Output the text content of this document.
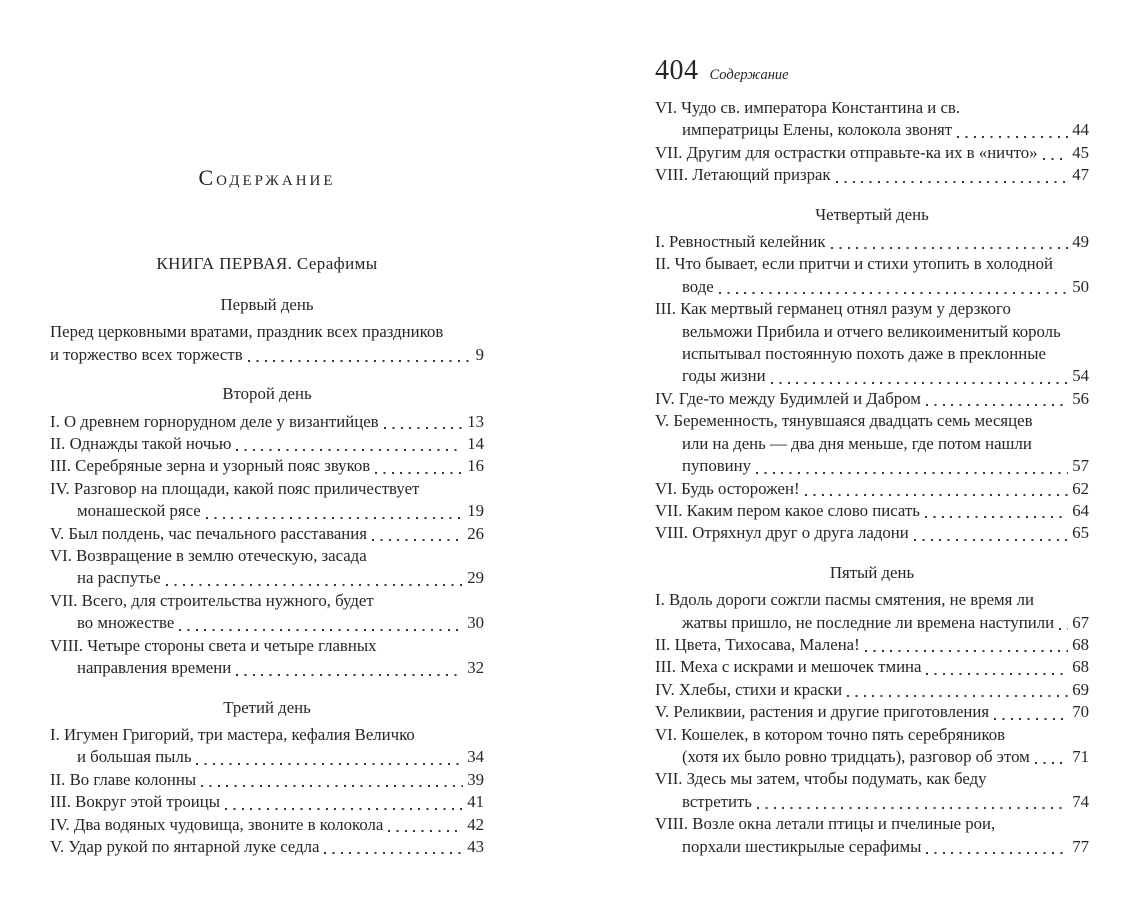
Содержание
КНИГА ПЕРВАЯ. Серафимы
Первый день
Перед церковными вратами, праздник всех праздников
и торжество всех торжеств	9
Второй день
I. О древнем горнорудном деле у византийцев	13
II. Однажды такой ночью	14
III. Серебряные зерна и узорный пояс звуков	16
IV. Разговор на площади, какой пояс приличествует
монашеской рясе	19
V. Был полдень, час печального расставания	26
VI. Возвращение в землю отеческую, засада
на распутье	29
VII. Всего, для строительства нужного, будет
во множестве	30
VIII. Четыре стороны света и четыре главных
направления времени	32
Третий день
I. Игумен Григорий, три мастера, кефалия Величко
и большая пыль	34
II. Во главе колонны	39
III. Вокруг этой троицы	41
IV. Два водяных чудовища, звоните в колокола	42
V. Удар рукой по янтарной луке седла	43
404 Содержание
VI. Чудо св. императора Константина и св.
императрицы Елены, колокола звонят	44
VII. Другим для острастки отправьте-ка их в «ничто» 45
VIII. Летающий призрак	47
Четвертый день
I. Ревностный келейник	49
II. Что бывает, если притчи и стихи утопить в холодной
воде	50
III. Как мертвый германец отнял разум у дерзкого
вельможи Прибила и отчего великоименитый король
испытывал постоянную похоть даже в преклонные
годы жизни	54
IV. Где-то между Будимлей и Дабром	56
V. Беременность, тянувшаяся двадцать семь месяцев
или на день — два дня меньше, где потом нашли
пуповину	57
VI. Будь осторожен!	62
VII. Каким пером какое слово писать	64
VIII. Отряхнул друг о друга ладони	65
Пятый день
I. Вдоль дороги сожгли пасмы смятения, не время ли
жатвы пришло, не последние ли времена наступили 67
II. Цвета, Тихосава, Малена!	68
III. Меха с искрами и мешочек тмина	68
IV. Хлебы, стихи и краски	69
V. Реликвии, растения и другие приготовления	70
VI. Кошелек, в котором точно пять серебряников
(хотя их было ровно тридцать), разговор об этом	71
VII. Здесь мы затем, чтобы подумать, как беду
встретить	74
VIII. Возле окна летали птицы и пчелиные рои,
порхали шестикрылые серафимы	77
